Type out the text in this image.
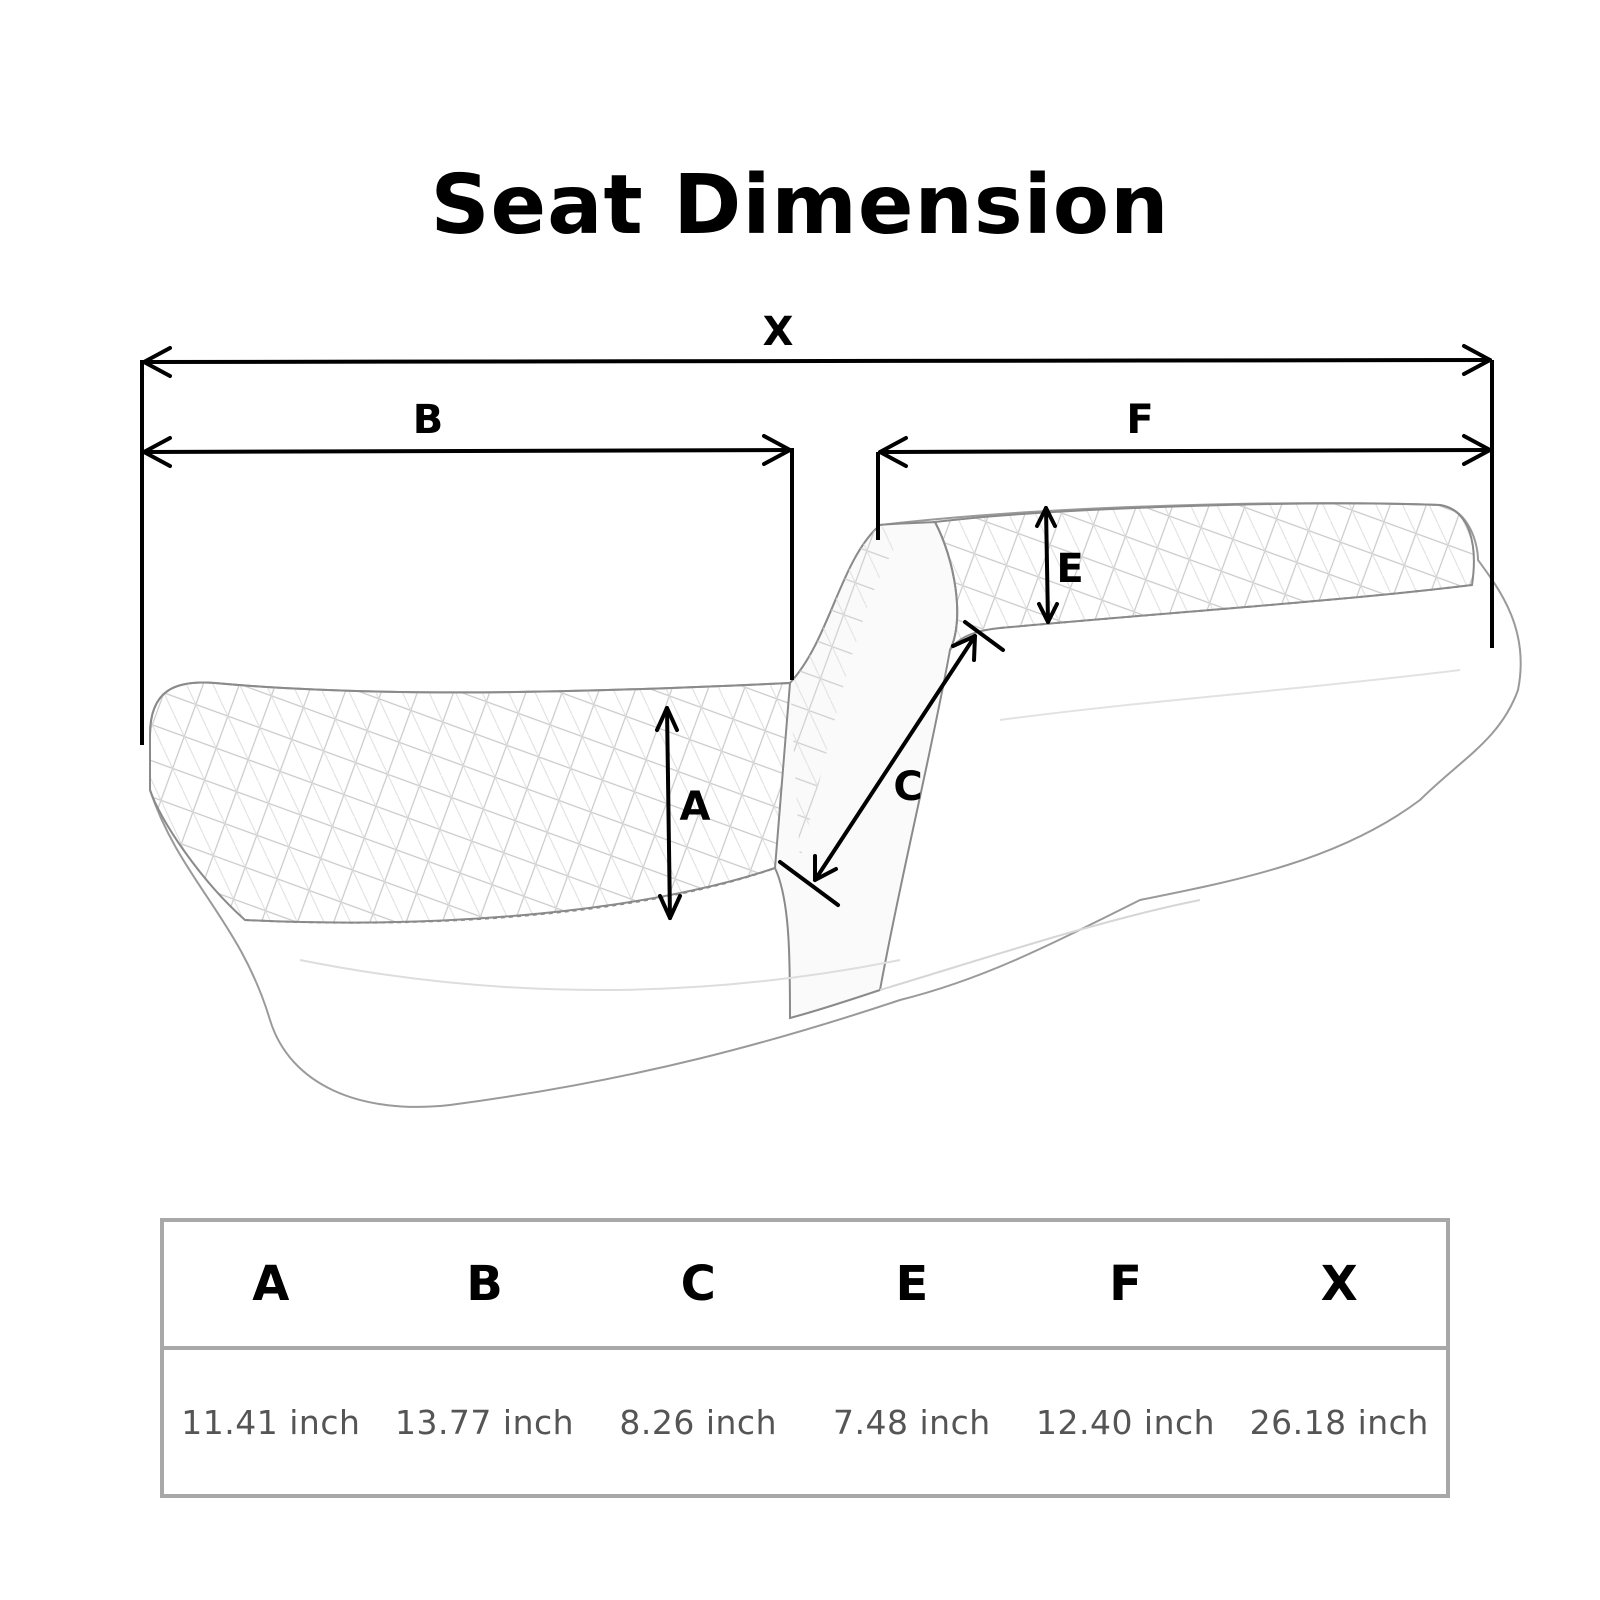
Seat Dimension
X
B	F
A
E
C
A	B	C	E	F	X
11.41 inch	13.77 inch	8.26 inch	7.48 inch	12.40 inch	26.18 inch
